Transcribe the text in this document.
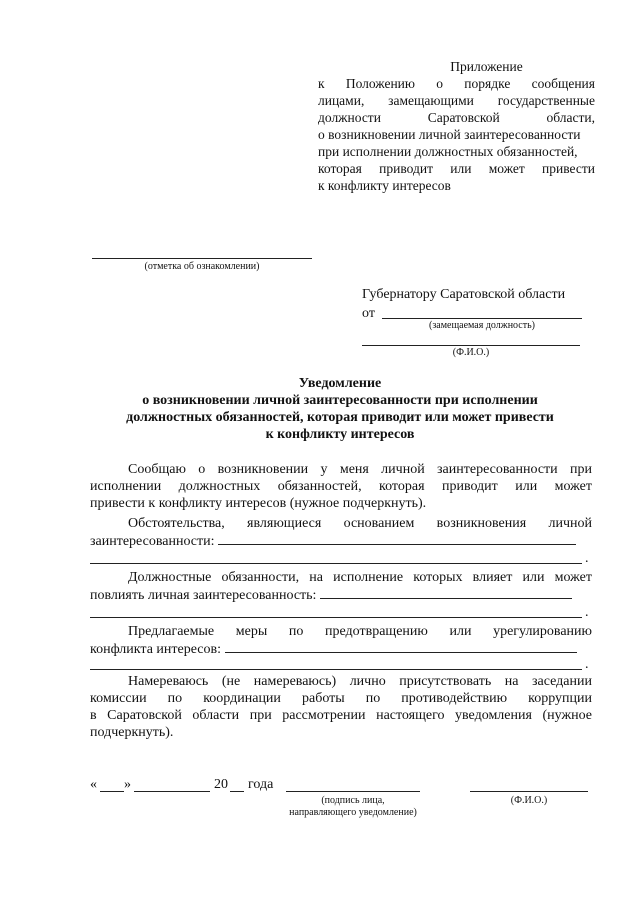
Приложение
к Положению о порядке сообщения
лицами, замещающими государственные
должности Саратовской области,
о возникновении личной заинтересованности
при исполнении должностных обязанностей,
которая приводит или может привести
к конфликту интересов
(отметка об ознакомлении)
Губернатору Саратовской области
от
(замещаемая должность)
(Ф.И.О.)
Уведомление
о возникновении личной заинтересованности при исполнении
должностных обязанностей, которая приводит или может привести
к конфликту интересов
Сообщаю о возникновении у меня личной заинтересованности при
исполнении должностных обязанностей, которая приводит или может
привести к конфликту интересов (нужное подчеркнуть).
Обстоятельства, являющиеся основанием возникновения личной
заинтересованности:
.
Должностные обязанности, на исполнение которых влияет или может
повлиять личная заинтересованность:
.
Предлагаемые меры по предотвращению или урегулированию
конфликта интересов:
.
Намереваюсь (не намереваюсь) лично присутствовать на заседании
комиссии по координации работы по противодействию коррупции
в Саратовской области при рассмотрении настоящего уведомления (нужное
подчеркнуть).
« »	20 года
(подпись лица,
направляющего уведомление)
(Ф.И.О.)
